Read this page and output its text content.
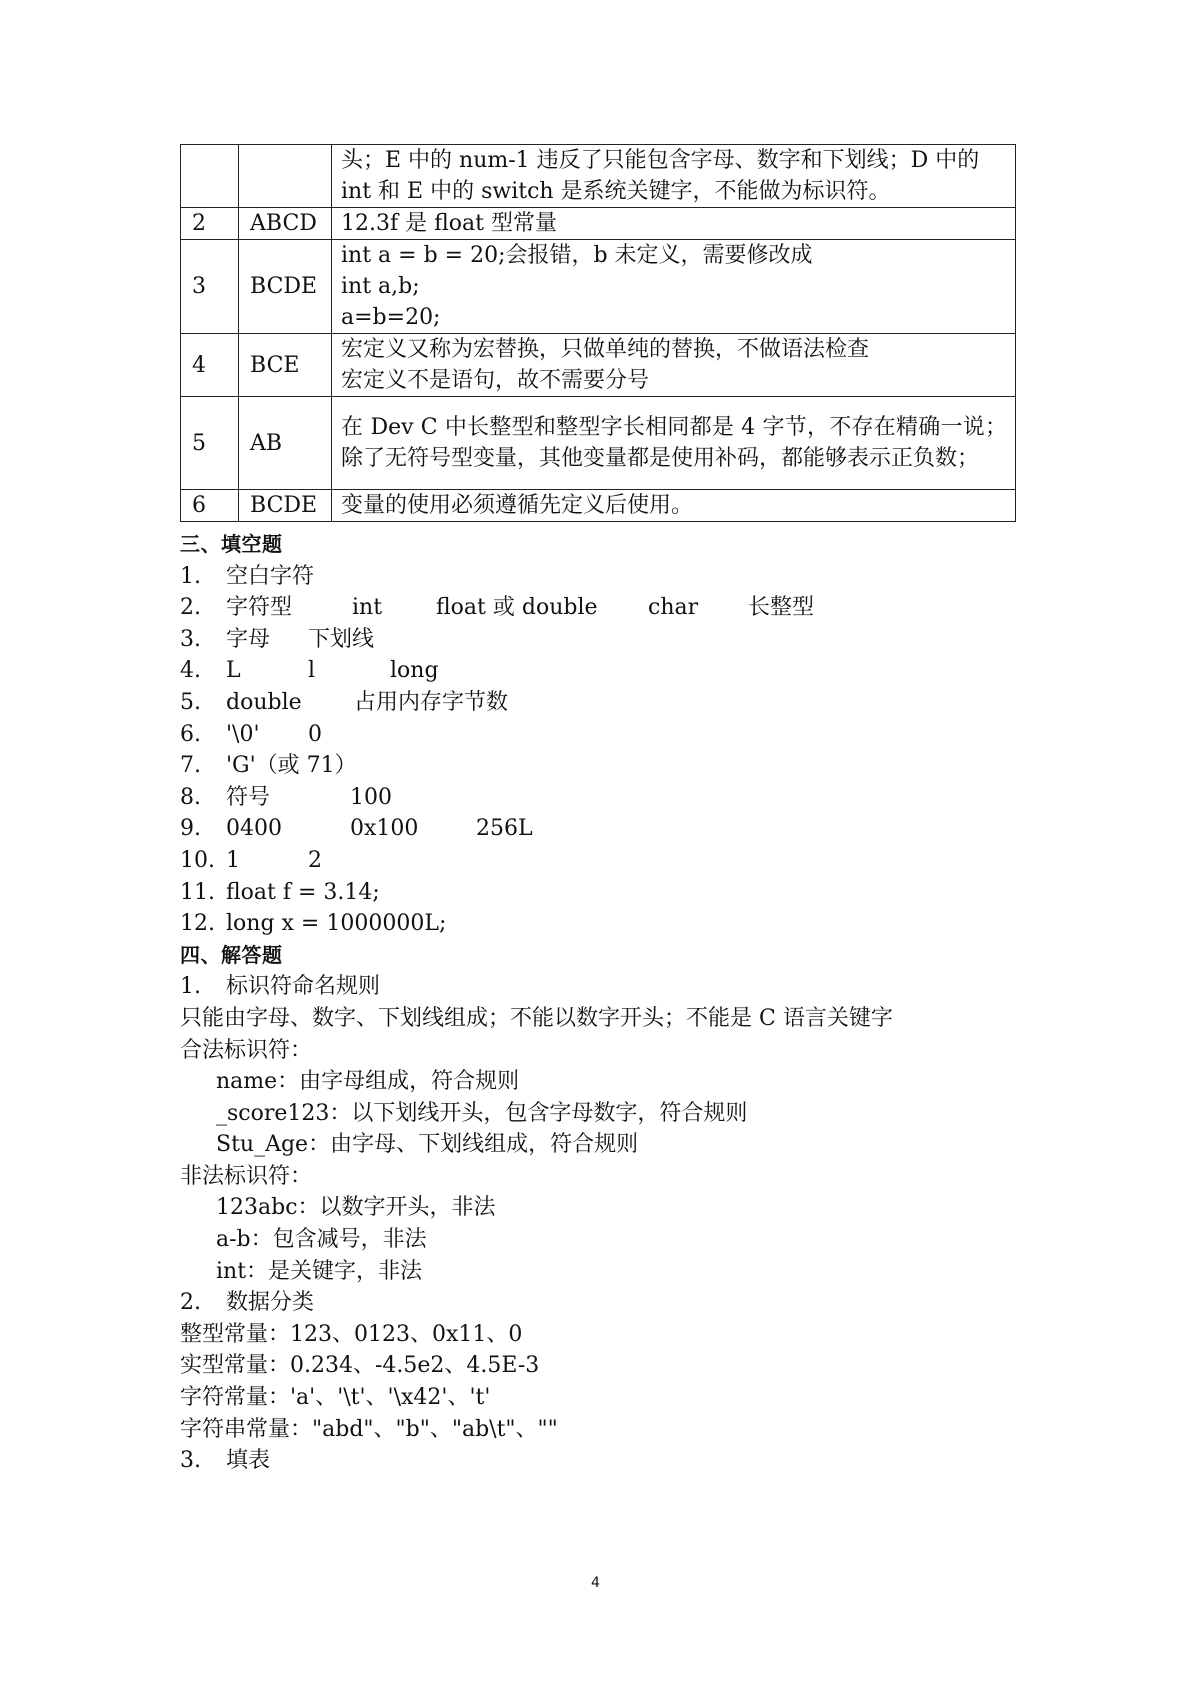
		头；E 中的 num-1 违反了只能包含字母、数字和下划线；D 中的
int 和 E 中的 switch 是系统关键字，不能做为标识符。

2	ABCD	12.3f 是 float 型常量

3	BCDE	int a = b = 20;会报错，b 未定义，需要修改成
int a,b;
a=b=20;

4	BCE	宏定义又称为宏替换，只做单纯的替换，不做语法检查
宏定义不是语句，故不需要分号

5	AB	在 Dev C 中长整型和整型字长相同都是 4 字节，不存在精确一说；除了无符号型变量，其他变量都是使用补码，都能够表示正负数；

6	BCDE	变量的使用必须遵循先定义后使用。
三、填空题
1. 空白字符
2. 字符型	int float 或 double char 长整型
3. 字母 下划线
4. L	l	long
5. double 占用内存字节数
6. '\0' 0
7. 'G'（或 71）
8. 符号	100
9. 0400	0x100	256L
10. 1	2
11. float f = 3.14;
12. long x = 1000000L;
四、解答题
1. 标识符命名规则
只能由字母、数字、下划线组成；不能以数字开头；不能是 C 语言关键字
合法标识符：
name：由字母组成，符合规则
_score123：以下划线开头，包含字母数字，符合规则
Stu_Age：由字母、下划线组成，符合规则
非法标识符：
123abc：以数字开头，非法
a-b：包含减号，非法
int：是关键字，非法
2. 数据分类
整型常量：123、0123、0x11、0
实型常量：0.234、-4.5e2、4.5E-3
字符常量：'a'、'\t'、'\x42'、't'
字符串常量："abd"、"b"、"ab\t"、""
3. 填表
4
